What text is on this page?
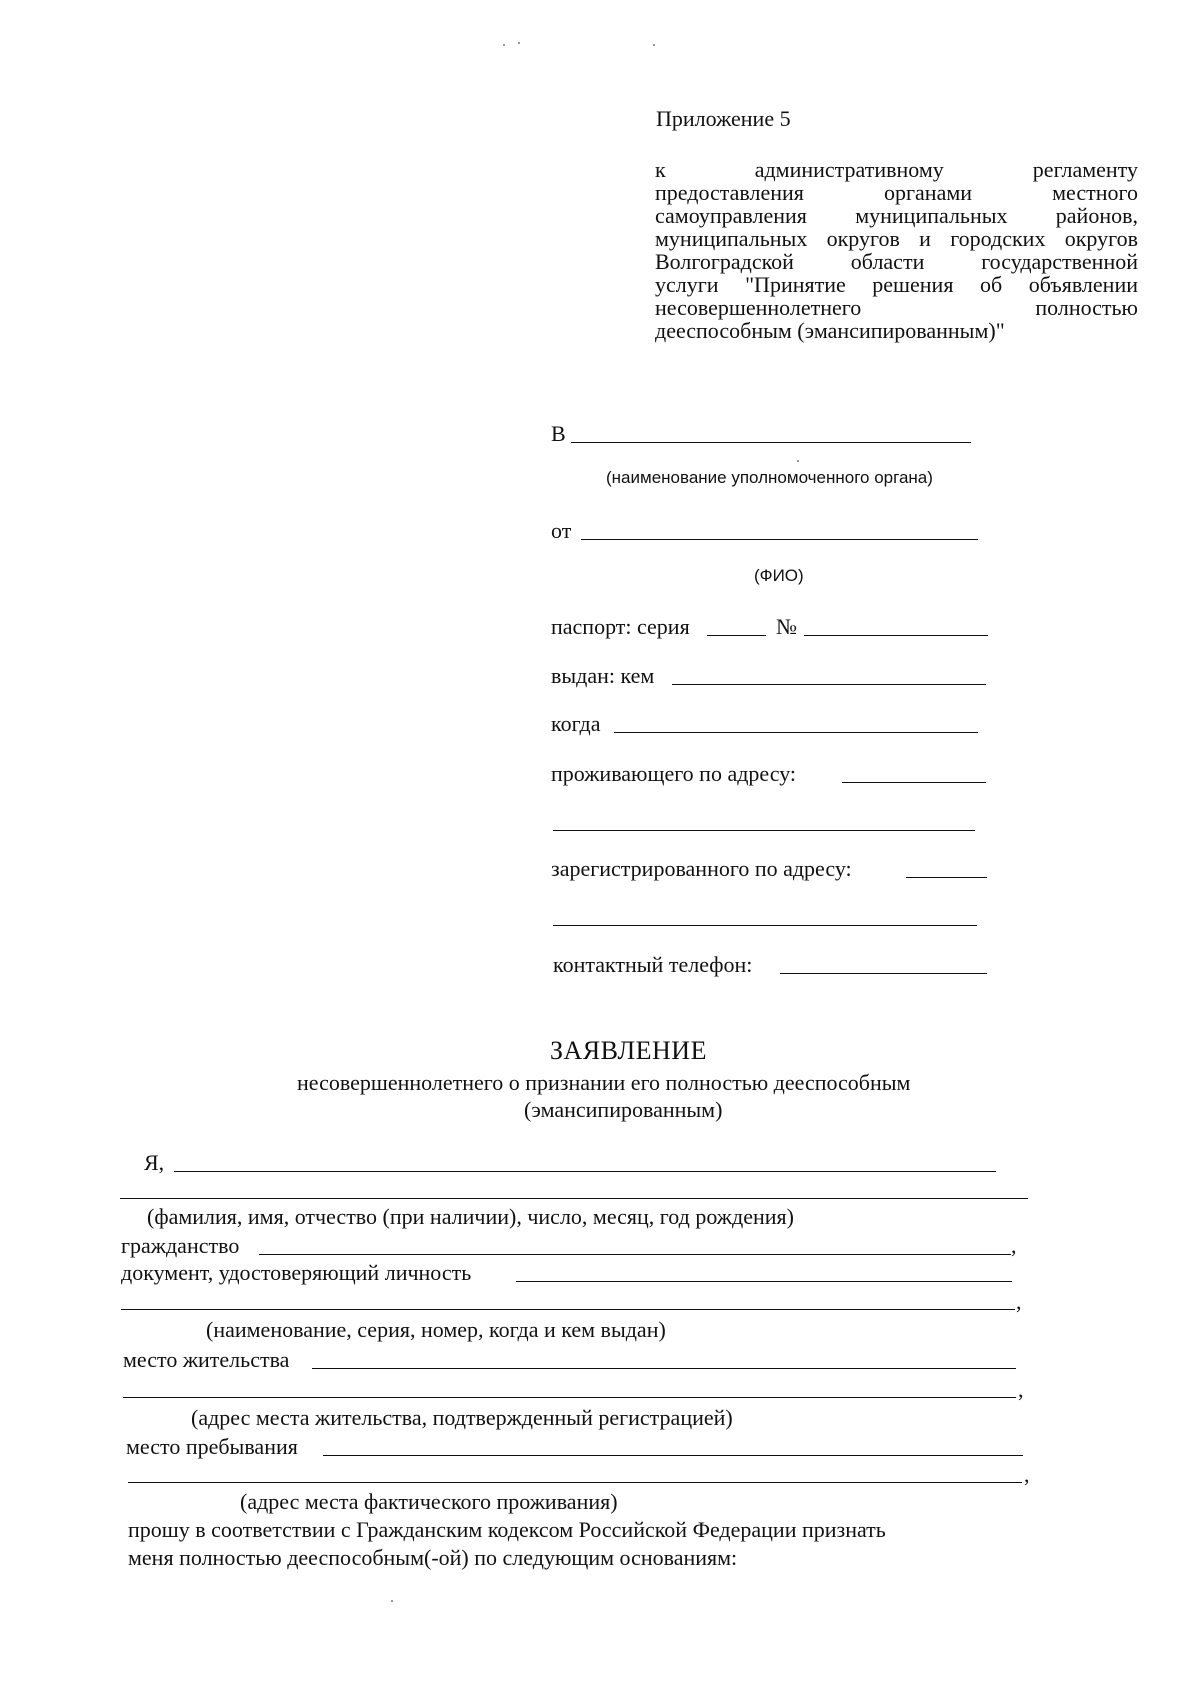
Приложение 5
к административному регламенту
предоставления органами местного
самоуправления муниципальных районов,
муниципальных округов и городских округов
Волгоградской области государственной
услуги "Принятие решения об объявлении
несовершеннолетнего полностью
дееспособным (эмансипированным)"
В
(наименование уполномоченного органа)
от
(ФИО)
паспорт: серия	№
выдан: кем
когда
проживающего по адресу:
зарегистрированного по адресу:
контактный телефон:
ЗАЯВЛЕНИЕ
несовершеннолетнего о признании его полностью дееспособным
(эмансипированным)
Я,
(фамилия, имя, отчество (при наличии), число, месяц, год рождения)
гражданство	,
документ, удостоверяющий личность
,
(наименование, серия, номер, когда и кем выдан)
место жительства
,
(адрес места жительства, подтвержденный регистрацией)
место пребывания
,
(адрес места фактического проживания)
прошу в соответствии с Гражданским кодексом Российской Федерации признать
меня полностью дееспособным(-ой) по следующим основаниям:
